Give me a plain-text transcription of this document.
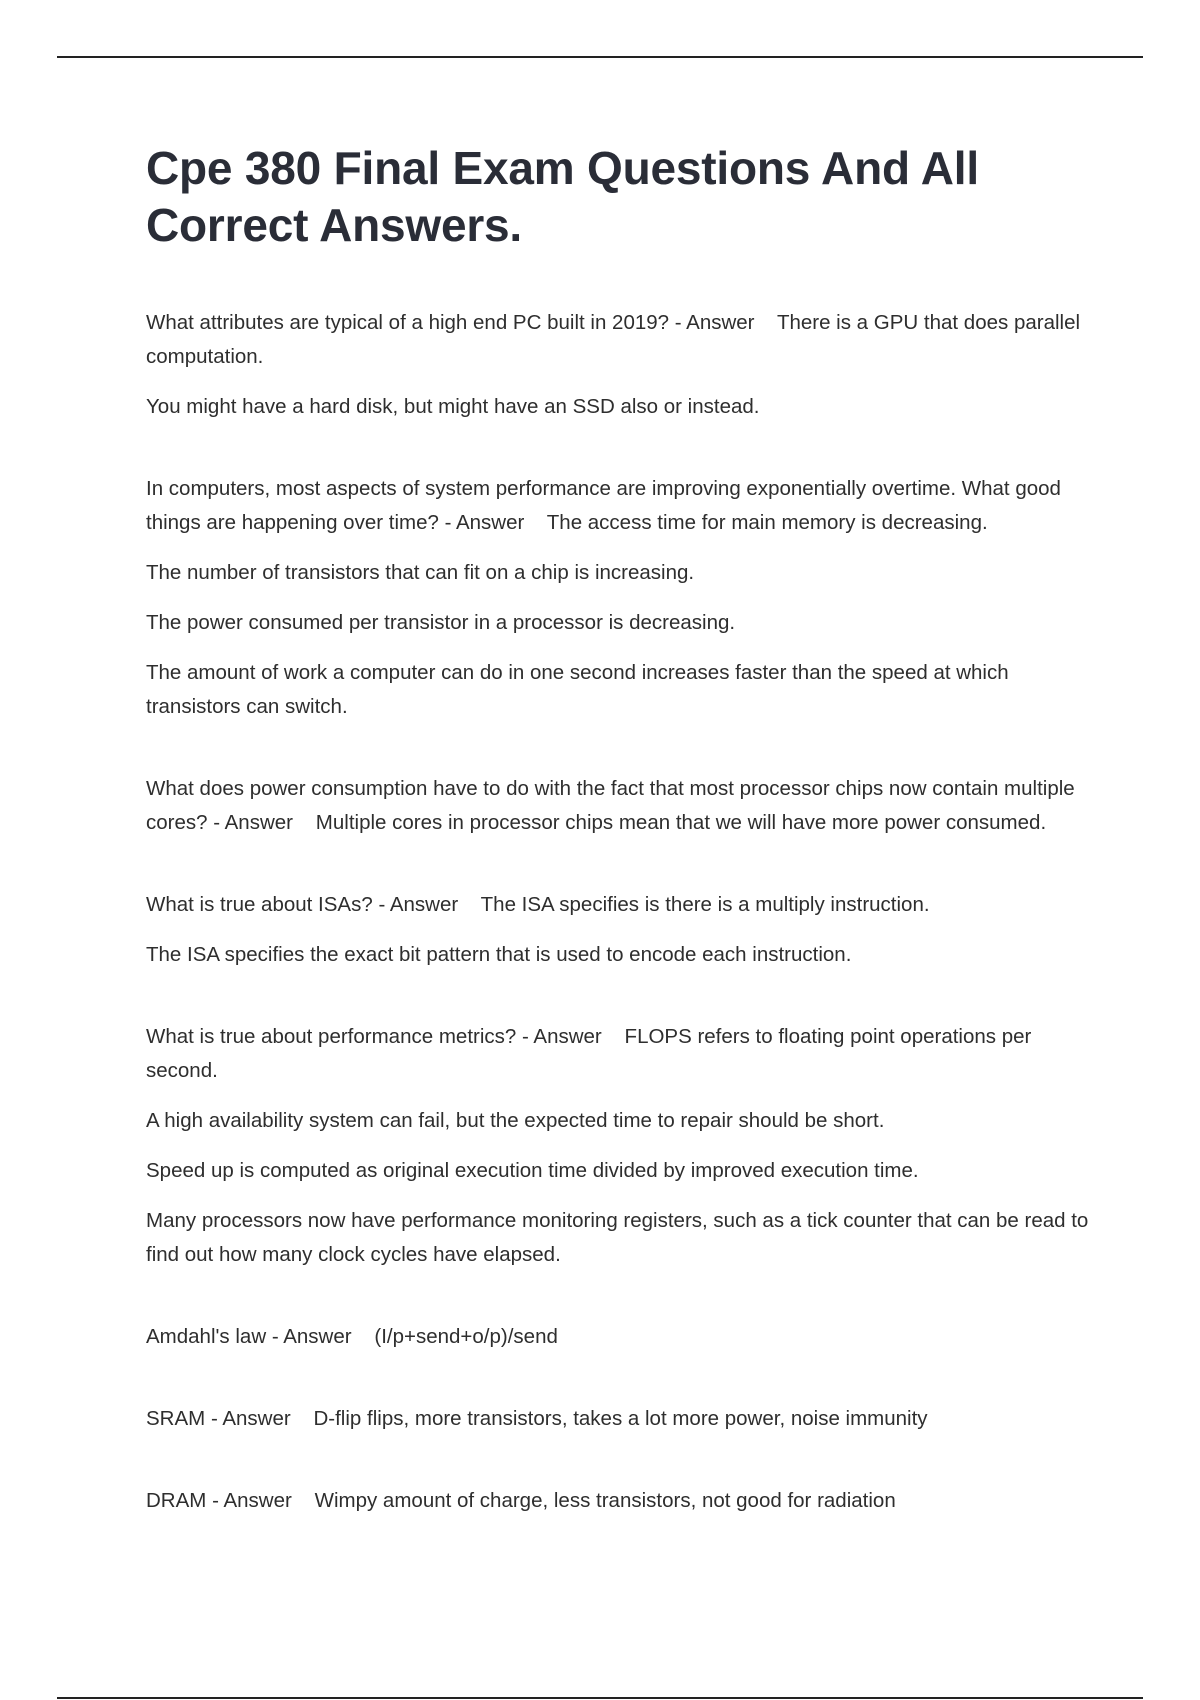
Cpe 380 Final Exam Questions And All Correct Answers.

What attributes are typical of a high end PC built in 2019? - Answer There is a GPU that does parallel computation.

You might have a hard disk, but might have an SSD also or instead.

In computers, most aspects of system performance are improving exponentially overtime. What good things are happening over time? - Answer The access time for main memory is decreasing.

The number of transistors that can fit on a chip is increasing.

The power consumed per transistor in a processor is decreasing.

The amount of work a computer can do in one second increases faster than the speed at which transistors can switch.

What does power consumption have to do with the fact that most processor chips now contain multiple cores? - Answer Multiple cores in processor chips mean that we will have more power consumed.

What is true about ISAs? - Answer The ISA specifies is there is a multiply instruction.

The ISA specifies the exact bit pattern that is used to encode each instruction.

What is true about performance metrics? - Answer FLOPS refers to floating point operations per second.

A high availability system can fail, but the expected time to repair should be short.

Speed up is computed as original execution time divided by improved execution time.

Many processors now have performance monitoring registers, such as a tick counter that can be read to find out how many clock cycles have elapsed.

Amdahl's law - Answer (I/p+send+o/p)/send

SRAM - Answer D-flip flips, more transistors, takes a lot more power, noise immunity

DRAM - Answer Wimpy amount of charge, less transistors, not good for radiation
